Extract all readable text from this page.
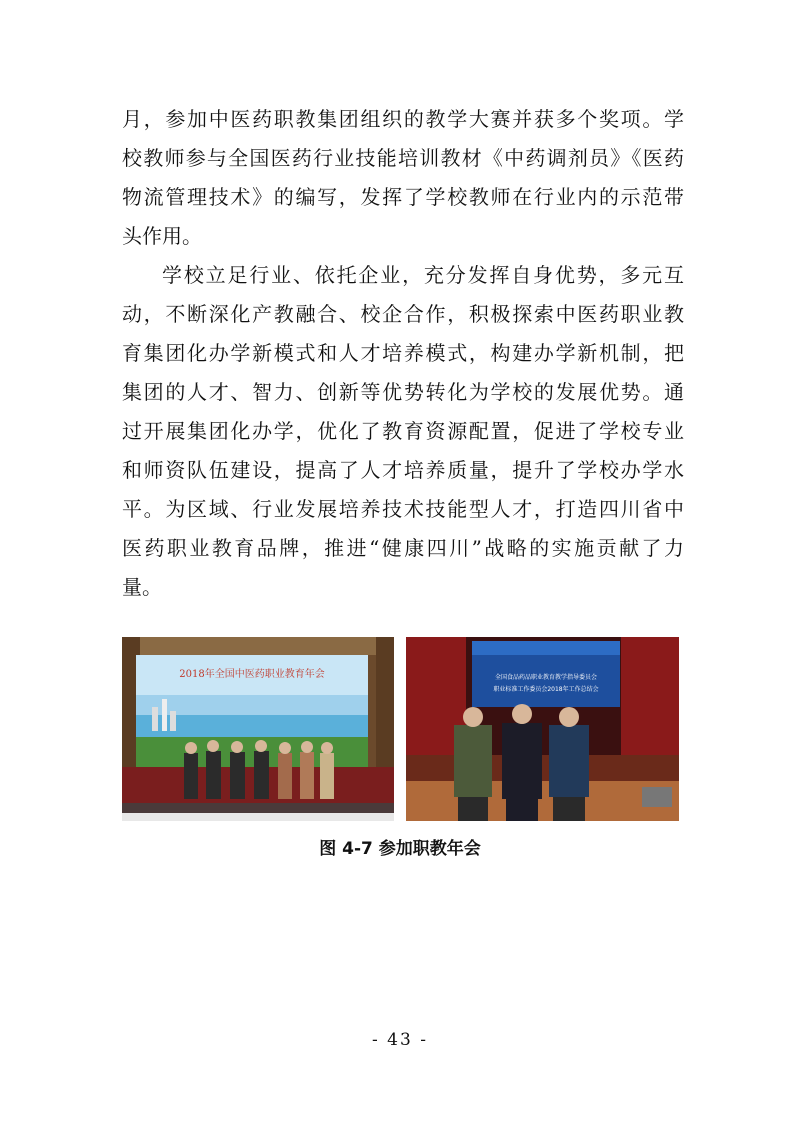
月，参加中医药职教集团组织的教学大赛并获多个奖项。学
校教师参与全国医药行业技能培训教材《中药调剂员》《医药
物流管理技术》的编写，发挥了学校教师在行业内的示范带
头作用。
学校立足行业、依托企业，充分发挥自身优势，多元互
动，不断深化产教融合、校企合作，积极探索中医药职业教
育集团化办学新模式和人才培养模式，构建办学新机制，把
集团的人才、智力、创新等优势转化为学校的发展优势。通
过开展集团化办学，优化了教育资源配置，促进了学校专业
和师资队伍建设，提高了人才培养质量，提升了学校办学水
平。为区域、行业发展培养技术技能型人才，打造四川省中
医药职业教育品牌，推进“健康四川”战略的实施贡献了力
量。
2018年全国中医药职业教育年会	全国食品药品职业教育教学指导委员会
职业标准工作委员会2018年工作总结会
图 4-7 参加职教年会
- 43 -
